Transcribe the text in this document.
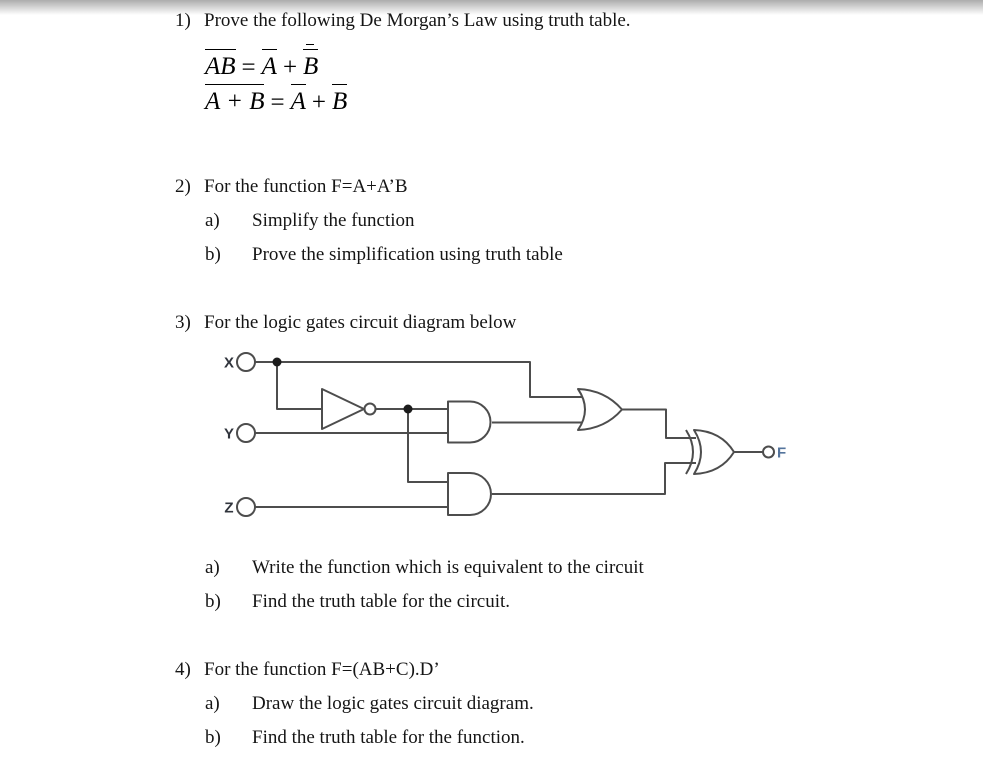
1) Prove the following De Morgan’s Law using truth table.
AB = A + B
A + B = A + B
2) For the function F=A+A’B
a) Simplify the function
b) Prove the simplification using truth table
3) For the logic gates circuit diagram below
X
Y
Z
F
a) Write the function which is equivalent to the circuit
b) Find the truth table for the circuit.
4) For the function F=(AB+C).D’
a) Draw the logic gates circuit diagram.
b) Find the truth table for the function.
